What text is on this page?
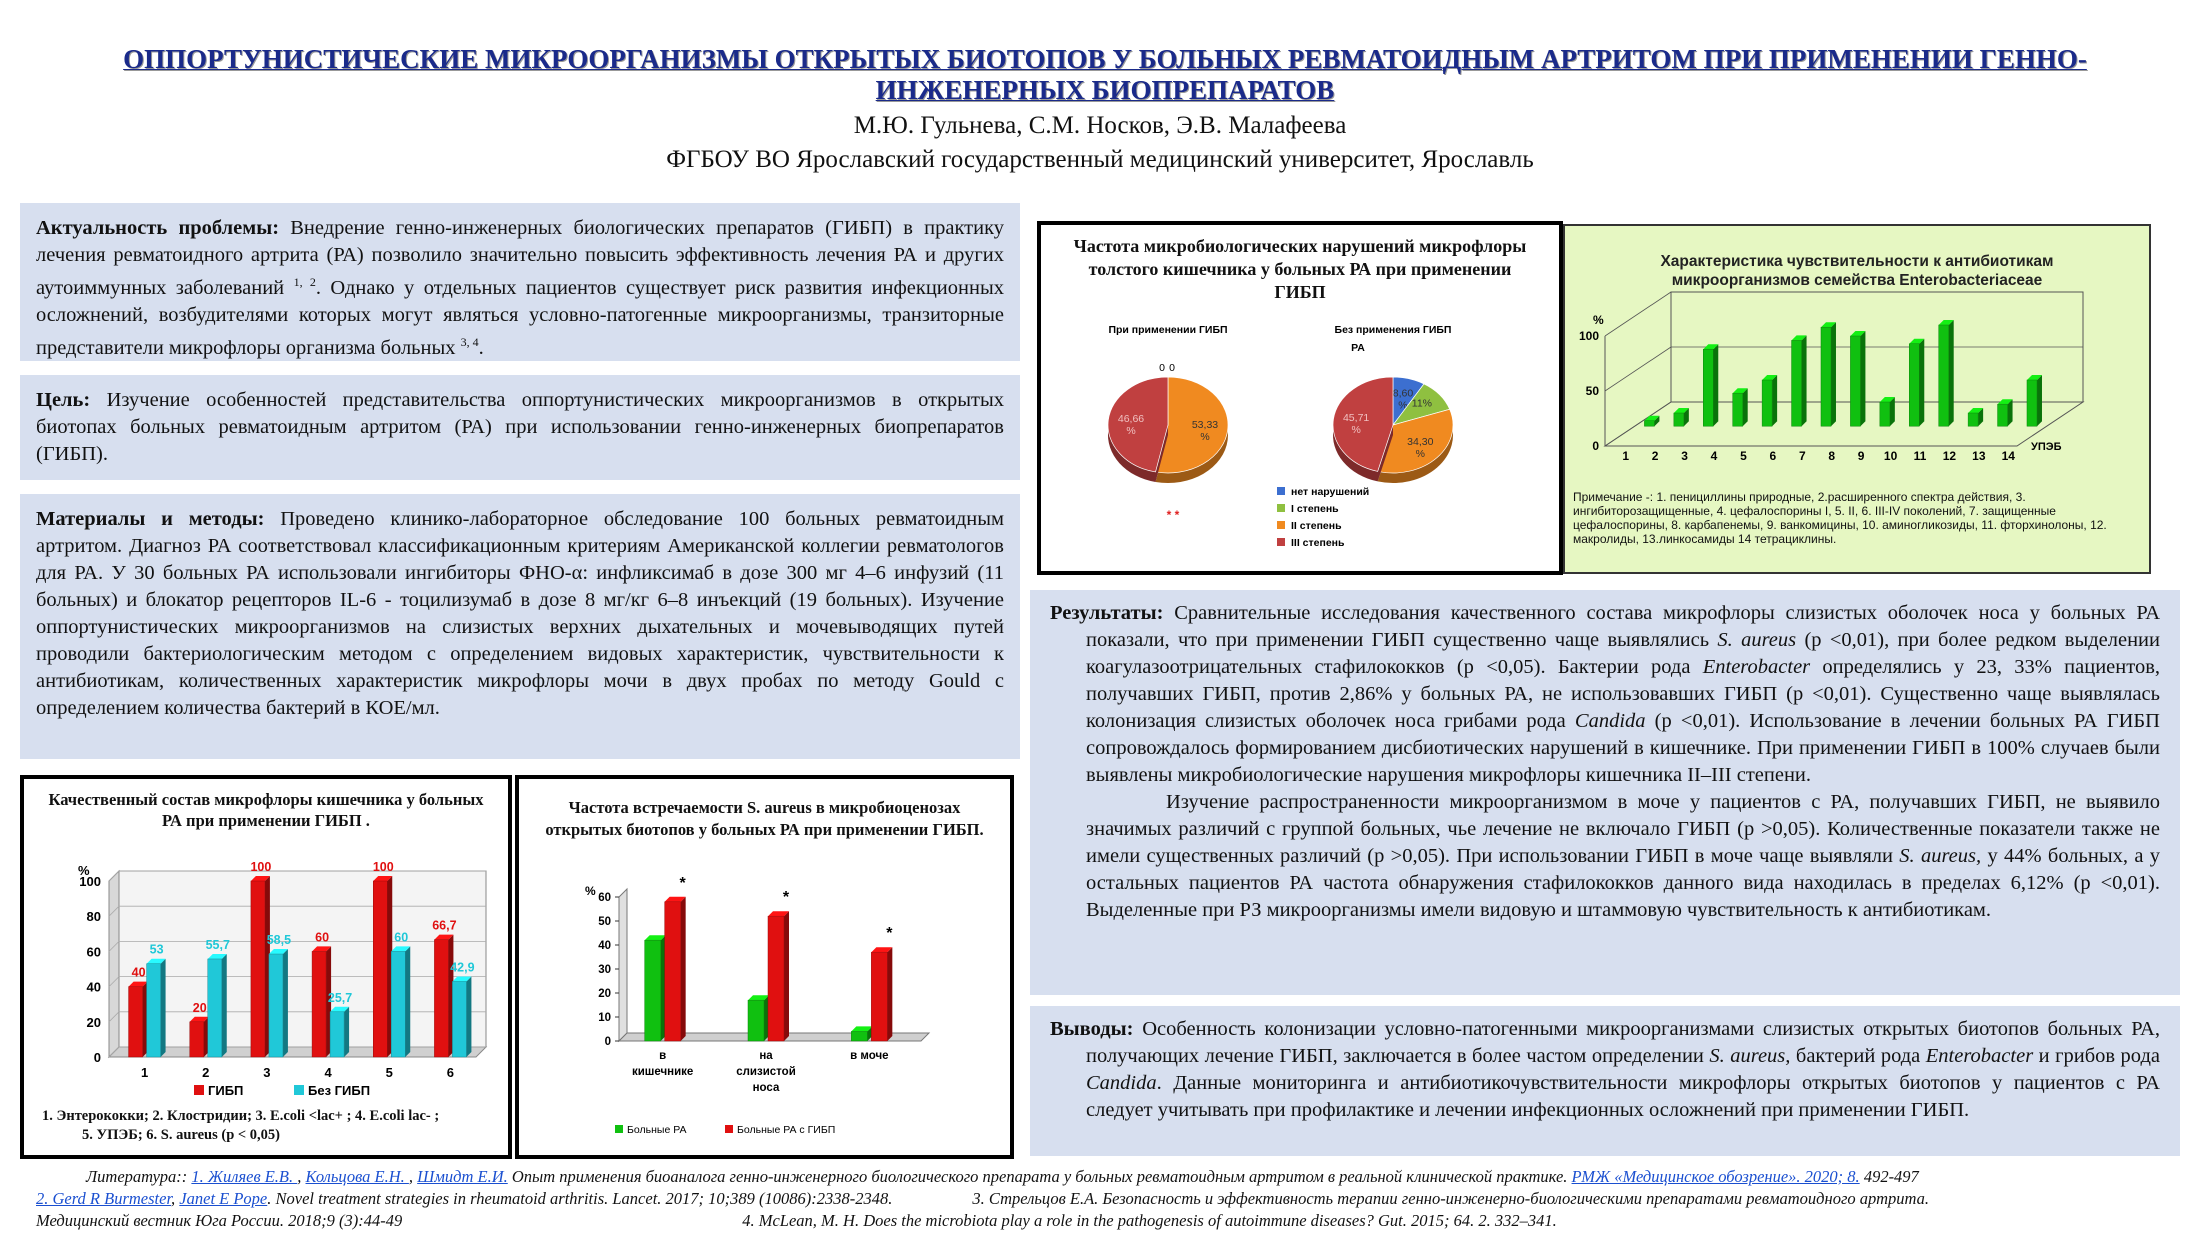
ОППОРТУНИСТИЧЕСКИЕ МИКРООРГАНИЗМЫ ОТКРЫТЫХ БИОТОПОВ У БОЛЬНЫХ РЕВМАТОИДНЫМ АРТРИТОМ ПРИ ПРИМЕНЕНИИ ГЕННО-
ИНЖЕНЕРНЫХ БИОПРЕПАРАТОВ
М.Ю. Гульнева, С.М. Носков, Э.В. Малафеева
ФГБОУ ВО Ярославский государственный медицинский университет, Ярославль
Актуальность проблемы: Внедрение генно-инженерных биологических препаратов (ГИБП) в практику лечения ревматоидного артрита (РА) позволило значительно повысить эффективность лечения РА и других аутоиммунных заболеваний $^{1, 2}$. Однако у отдельных пациентов существует риск развития инфекционных осложнений, возбудителями которых могут являться условно-патогенные микроорганизмы, транзиторные представители микрофлоры организма больных $^{3, 4}$.
Цель: Изучение особенностей представительства оппортунистических микроорганизмов в открытых биотопах больных ревматоидным артритом (РА) при использовании генно-инженерных биопрепаратов (ГИБП).
Материалы и методы: Проведено клинико-лабораторное обследование 100 больных ревматоидным артритом. Диагноз РА соответствовал классификационным критериям Американской коллегии ревматологов для РА. У 30 больных РА использовали ингибиторы ФНО-α: инфликсимаб в дозе 300 мг 4–6 инфузий (11 больных) и блокатор рецепторов IL-6 - тоцилизумаб в дозе 8 мг/кг 6–8 инъекций (19 больных). Изучение оппортунистических микроорганизмов на слизистых верхних дыхательных и мочевыводящих путей проводили бактериологическим методом с определением видовых характеристик, чувствительности к антибиотикам, количественных характеристик микрофлоры мочи в двух пробах по методу Gould с определением количества бактерий в КОЕ/мл.
Качественный состав микрофлоры кишечника у больных РА при применении ГИБП .
0
20
40
60
80
100
%
40
53
1
20
55,7
2
100
58,5
3
60
25,7
4
100
60
5
66,7
42,9
6
ГИБП	Без ГИБП
1. Энтерококки; 2. Клостридии; 3. E.coli <lac+ ; 4. E.coli lac- ;
5. УПЭБ; 6. S. aureus (p < 0,05)
Частота встречаемости S. aureus в микробиоценозах открытых биотопов у больных РА при применении ГИБП.
0
10
20
30
40
50
60
%	*
в кишечнике
*
на слизистой носа
*
в моче
Больные РА	Больные РА с ГИБП
Частота микробиологических нарушений микрофлоры толстого кишечника у больных РА при применении ГИБП
При применении ГИБП
53,33 %
46,66 %
0 0
Без применения ГИБП
РА
8,60 % 11%
34,30 %
45,71 %
* *
нет нарушений
I степень
II степень
III степень
Характеристика чувствительности к антибиотикам микроорганизмов семейства Enterobacteriaceae
0
50
100
%
1 2 3 4 5 6 7 8 9 10 11 12 13 14
УПЭБ
Примечание -: 1. пенициллины природные, 2.расширенного спектра действия, 3. ингибиторозащищенные, 4. цефалоспорины I, 5. II, 6. III-IV поколений, 7. защищенные цефалоспорины, 8. карбапенемы, 9. ванкомицины, 10. аминогликозиды, 11. фторхинолоны, 12. макролиды, 13.линкосамиды 14 тетрациклины.

Результаты: Сравнительные исследования качественного состава микрофлоры слизистых оболочек носа у больных РА показали, что при применении ГИБП существенно чаще выявлялись S. aureus (р <0,01), при более редком выделении коагулазоотрицательных стафилококков (р <0,05). Бактерии рода Enterobacter определялись у 23, 33% пациентов, получавших ГИБП, против 2,86% у больных РА, не использовавших ГИБП (р <0,01). Существенно чаще выявлялась колонизация слизистых оболочек носа грибами рода Candida (р <0,01). Использование в лечении больных РА ГИБП сопровождалось формированием дисбиотических нарушений в кишечнике. При применении ГИБП в 100% случаев были выявлены микробиологические нарушения микрофлоры кишечника II–III степени.

Изучение распространенности микроорганизмом в моче у пациентов с РА, получавших ГИБП, не выявило значимых различий с группой больных, чье лечение не включало ГИБП (р >0,05). Количественные показатели также не имели существенных различий (р >0,05). При использовании ГИБП в моче чаще выявляли S. aureus, у 44% больных, а у остальных пациентов РА частота обнаружения стафилококков данного вида находилась в пределах 6,12% (р <0,01). Выделенные при РЗ микроорганизмы имели видовую и штаммовую чувствительность к антибиотикам.

Выводы: Особенность колонизации условно-патогенными микроорганизмами слизистых открытых биотопов больных РА, получающих лечение ГИБП, заключается в более частом определении S. aureus, бактерий рода Enterobacter и грибов рода Candida. Данные мониторинга и антибиотикочувствительности микрофлоры открытых биотопов у пациентов с РА следует учитывать при профилактике и лечении инфекционных осложнений при применении ГИБП.
Литература:: 1. Жиляев Е.В. , Кольцова Е.Н. , Шмидт Е.И. Опыт применения биоаналога генно-инженерного биологического препарата у больных ревматоидным артритом в реальной клинической практике. РМЖ «Медицинское обозрение». 2020; 8. 492-497
2. Gerd R Burmester, Janet E Pope. Novel treatment strategies in rheumatoid arthritis. Lancet. 2017; 10;389 (10086):2338-2348.	3. Стрельцов Е.А. Безопасность и эффективность терапии генно-инженерно-биологическими препаратами ревматоидного артрита.
Медицинский вестник Юга России. 2018;9 (3):44-49	4. McLean, M. H. Does the microbiota play a role in the pathogenesis of autoimmune diseases? Gut. 2015; 64. 2. 332–341.
